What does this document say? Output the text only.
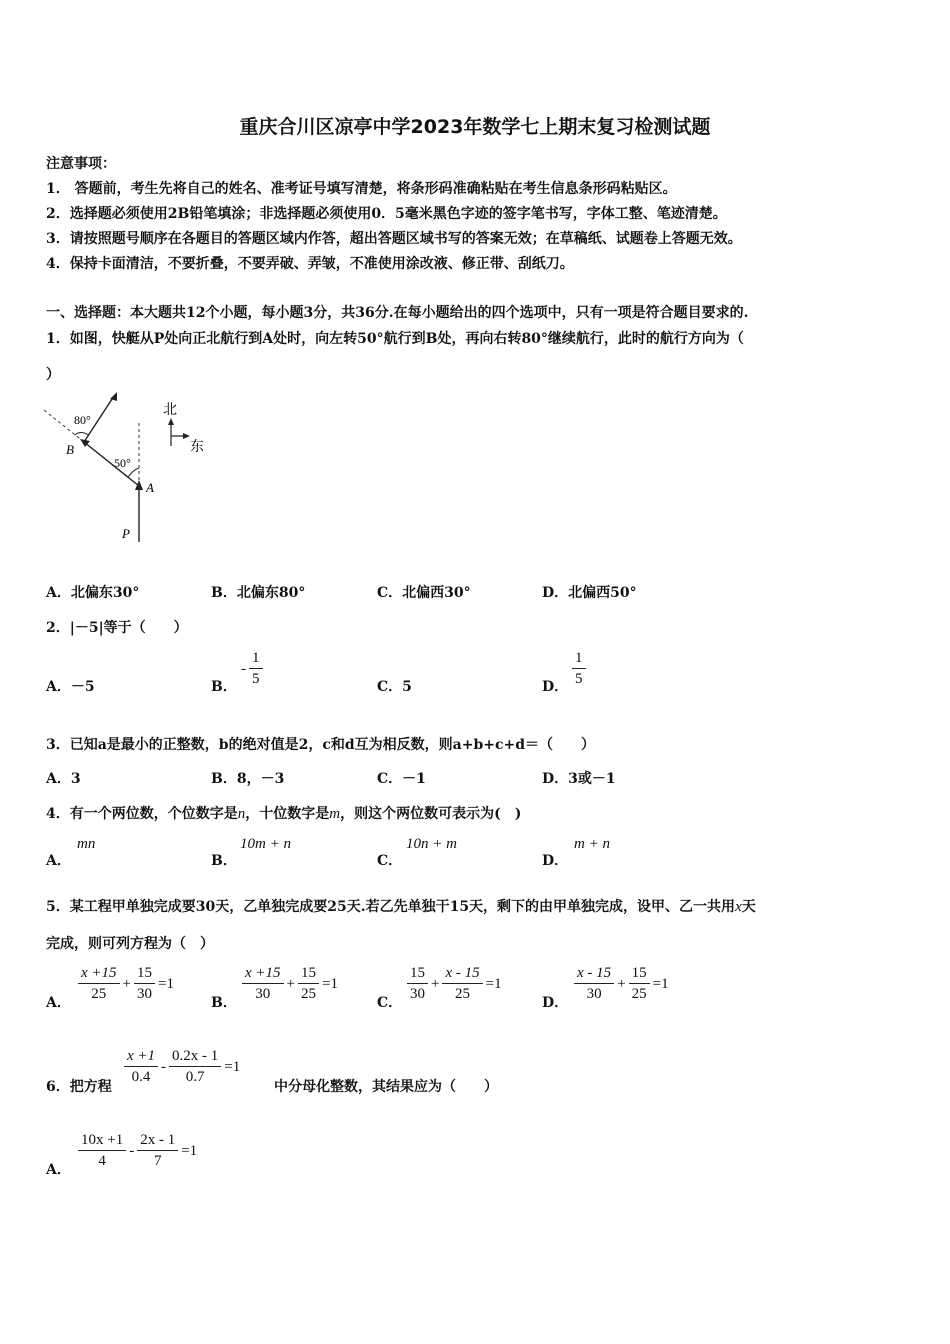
重庆合川区凉亭中学2023年数学七上期末复习检测试题
注意事项：
1． 答题前，考生先将自己的姓名、准考证号填写清楚，将条形码准确粘贴在考生信息条形码粘贴区。
2．选择题必须使用2B铅笔填涂；非选择题必须使用0．5毫米黑色字迹的签字笔书写，字体工整、笔迹清楚。
3．请按照题号顺序在各题目的答题区域内作答，超出答题区域书写的答案无效；在草稿纸、试题卷上答题无效。
4．保持卡面清洁，不要折叠，不要弄破、弄皱，不准使用涂改液、修正带、刮纸刀。
一、选择题：本大题共12个小题，每小题3分，共36分.在每小题给出的四个选项中，只有一项是符合题目要求的.
1．如图，快艇从P处向正北航行到A处时，向左转50°航行到B处，再向右转80°继续航行，此时的航行方向为（
）
80°
B
50°
A
P
北
东
A．北偏东30°	B．北偏东80°	C．北偏西30°	D．北偏西50°
2．|－5|等于（　　）
A．－5	B．
- $\frac{1}{5}$	C．5	D． $\frac{1}{5}$
3．已知a是最小的正整数，b的绝对值是2，c和d互为相反数，则a+b+c+d＝（　　）
A．3	B．8，－3	C．－1	D．3或－1
4．有一个两位数，个位数字是n，十位数字是m，则这个两位数可表示为(　)
A．
mn
B．
10m + n
C．
10n + m
D．
m + n
5．某工程甲单独完成要30天，乙单独完成要25天.若乙先单独干15天，剩下的由甲单独完成，设甲、乙一共用x天
完成，则可列方程为（　）
A． $\frac{x +15}{25} + \frac{15}{30} =1$
B． $\frac{x +15}{30} + \frac{15}{25} =1$
C． $\frac{15}{30} + \frac{x - 15}{25} =1$
D． $\frac{x - 15}{30} + \frac{15}{25} =1$
6．把方程
$\frac{x +1}{0.4} - \frac{0.2x - 1}{0.7} =1$
中分母化整数，其结果应为（　　）
A． $\frac{10x +1}{4} - \frac{2x - 1}{7} =1$
